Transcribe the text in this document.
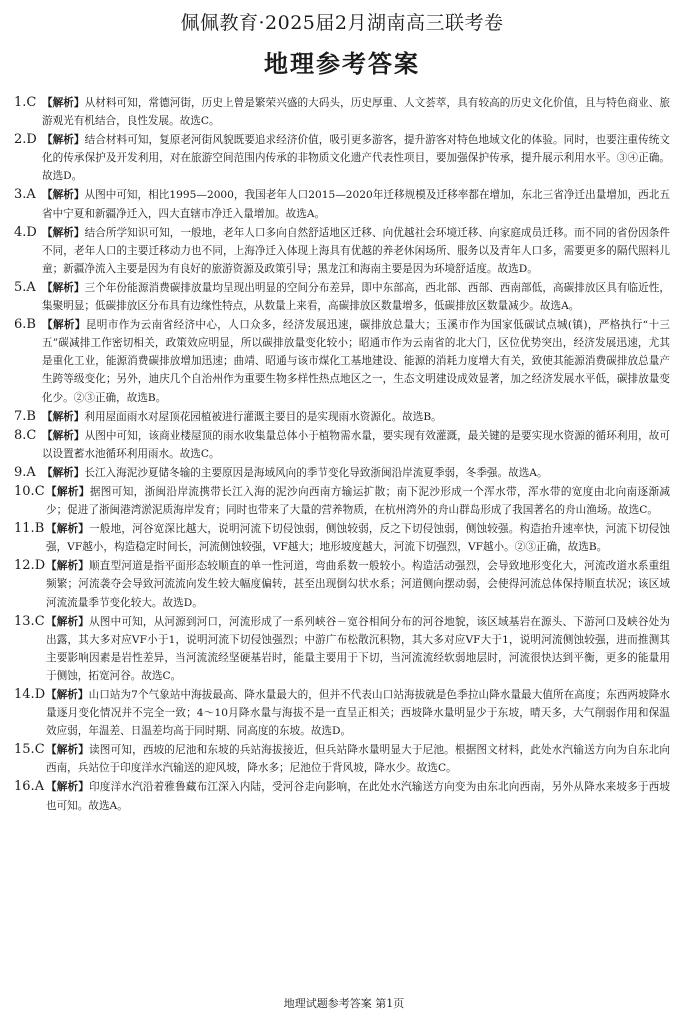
佩佩教育·2025届2月湖南高三联考卷
地理参考答案
1.C 【解析】从材料可知，常德河街，历史上曾是繁荣兴盛的大码头，历史厚重、人文荟萃，具有较高的历史文化价值，且与特色商业、旅游观光有机结合，良性发展。故选C。
2.D 【解析】结合材料可知，复原老河街风貌既要追求经济价值，吸引更多游客，提升游客对特色地域文化的体验。同时，也要注重传统文化的传承保护及开发利用，对在旅游空间范围内传承的非物质文化遗产代表性项目，要加强保护传承，提升展示利用水平。③④正确。故选D。
3.A 【解析】从图中可知，相比1995—2000，我国老年人口2015—2020年迁移规模及迁移率都在增加，东北三省净迁出量增加，西北五省中宁夏和新疆净迁入，四大直辖市净迁入量增加。故选A。
4.D 【解析】结合所学知识可知，一般地，老年人口多向自然舒适地区迁移、向优越社会环境迁移、向家庭成员迁移。而不同的省份因条件不同，老年人口的主要迁移动力也不同，上海净迁入体现上海具有优越的养老休闲场所、服务以及青年人口多，需要更多的隔代照料儿童；新疆净流入主要是因为有良好的旅游资源及政策引导；黑龙江和海南主要是因为环境舒适度。故选D。
5.A 【解析】三个年份能源消费碳排放量均呈现出明显的空间分布差异，即中东部高，西北部、西部、西南部低，高碳排放区具有临近性，集聚明显；低碳排放区分布具有边缘性特点，从数量上来看，高碳排放区数量增多，低碳排放区数量减少。故选A。
6.B 【解析】昆明市作为云南省经济中心，人口众多，经济发展迅速，碳排放总量大；玉溪市作为国家低碳试点城(镇)，严格执行“十三五”碳减排工作密切相关，政策效应明显，所以碳排放量变化较小；昭通市作为云南省的北大门，区位优势突出，经济发展迅速，尤其是重化工业，能源消费碳排放增加迅速；曲靖、昭通与该市煤化工基地建设、能源的消耗力度增大有关，致使其能源消费碳排放总量产生跨等级变化；另外，迪庆几个自治州作为重要生物多样性热点地区之一，生态文明建设成效显著，加之经济发展水平低，碳排放量变化少。②③正确，故选B。
7.B 【解析】利用屋面雨水对屋顶花园植被进行灌溉主要目的是实现雨水资源化。故选B。
8.C 【解析】从图中可知，该商业楼屋顶的雨水收集量总体小于植物需水量，要实现有效灌溉，最关键的是要实现水资源的循环利用，故可以设置蓄水池循环利用雨水。故选C。
9.A 【解析】长江入海泥沙夏储冬输的主要原因是海域风向的季节变化导致浙闽沿岸流夏季弱，冬季强。故选A。
10.C 【解析】据图可知，浙闽沿岸流携带长江入海的泥沙向西南方输运扩散；南下泥沙形成一个浑水带，浑水带的宽度由北向南逐渐减少；促进了浙闽港湾淤泥质海岸发育；同时也带来了大量的营养物质，在杭州湾外的舟山群岛形成了我国著名的舟山渔场。故选C。
11.B 【解析】一般地，河谷宽深比越大，说明河流下切侵蚀弱，侧蚀较弱，反之下切侵蚀弱，侧蚀较强。构造抬升速率快，河流下切侵蚀强，VF越小，构造稳定时间长，河流侧蚀较强，VF越大；地形坡度越大，河流下切强烈，VF越小。②③正确，故选B。
12.D 【解析】顺直型河道是指平面形态较顺直的单一性河道，弯曲系数一般较小。构造活动强烈，会导致地形变化大，河流改道水系重组频繁；河流袭夺会导致河流流向发生较大幅度偏转，甚至出现倒勾状水系；河道侧向摆动弱，会使得河流总体保持顺直状况；该区域河流流量季节变化较大。故选D。
13.C 【解析】从图中可知，从河源到河口，河流形成了一系列峡谷－宽谷相间分布的河谷地貌，该区域基岩在源头、下游河口及峡谷处为出露，其大多对应VF小于1，说明河流下切侵蚀强烈；中游广布松散沉积物，其大多对应VF大于1，说明河流侧蚀较强，进而推测其主要影响因素是岩性差异，当河流流经坚硬基岩时，能量主要用于下切，当河流流经软弱地层时，河流很快达到平衡，更多的能量用于侧蚀，拓宽河谷。故选C。
14.D 【解析】山口站为7个气象站中海拔最高、降水量最大的，但并不代表山口站海拔就是色季拉山降水量最大值所在高度；东西两坡降水量逐月变化情况并不完全一致；4～10月降水量与海拔不是一直呈正相关；西坡降水量明显少于东坡，晴天多，大气削弱作用和保温效应弱，年温差、日温差均高于同时期、同高度的东坡。故选D。
15.C 【解析】读图可知，西坡的尼池和东坡的兵站海拔接近，但兵站降水量明显大于尼池。根据图文材料，此处水汽输送方向为自东北向西南，兵站位于印度洋水汽输送的迎风坡，降水多；尼池位于背风坡，降水少。故选C。
16.A 【解析】印度洋水汽沿着雅鲁藏布江深入内陆，受河谷走向影响，在此处水汽输送方向变为由东北向西南，另外从降水来坡多于西坡也可知。故选A。
地理试题参考答案 第1页
